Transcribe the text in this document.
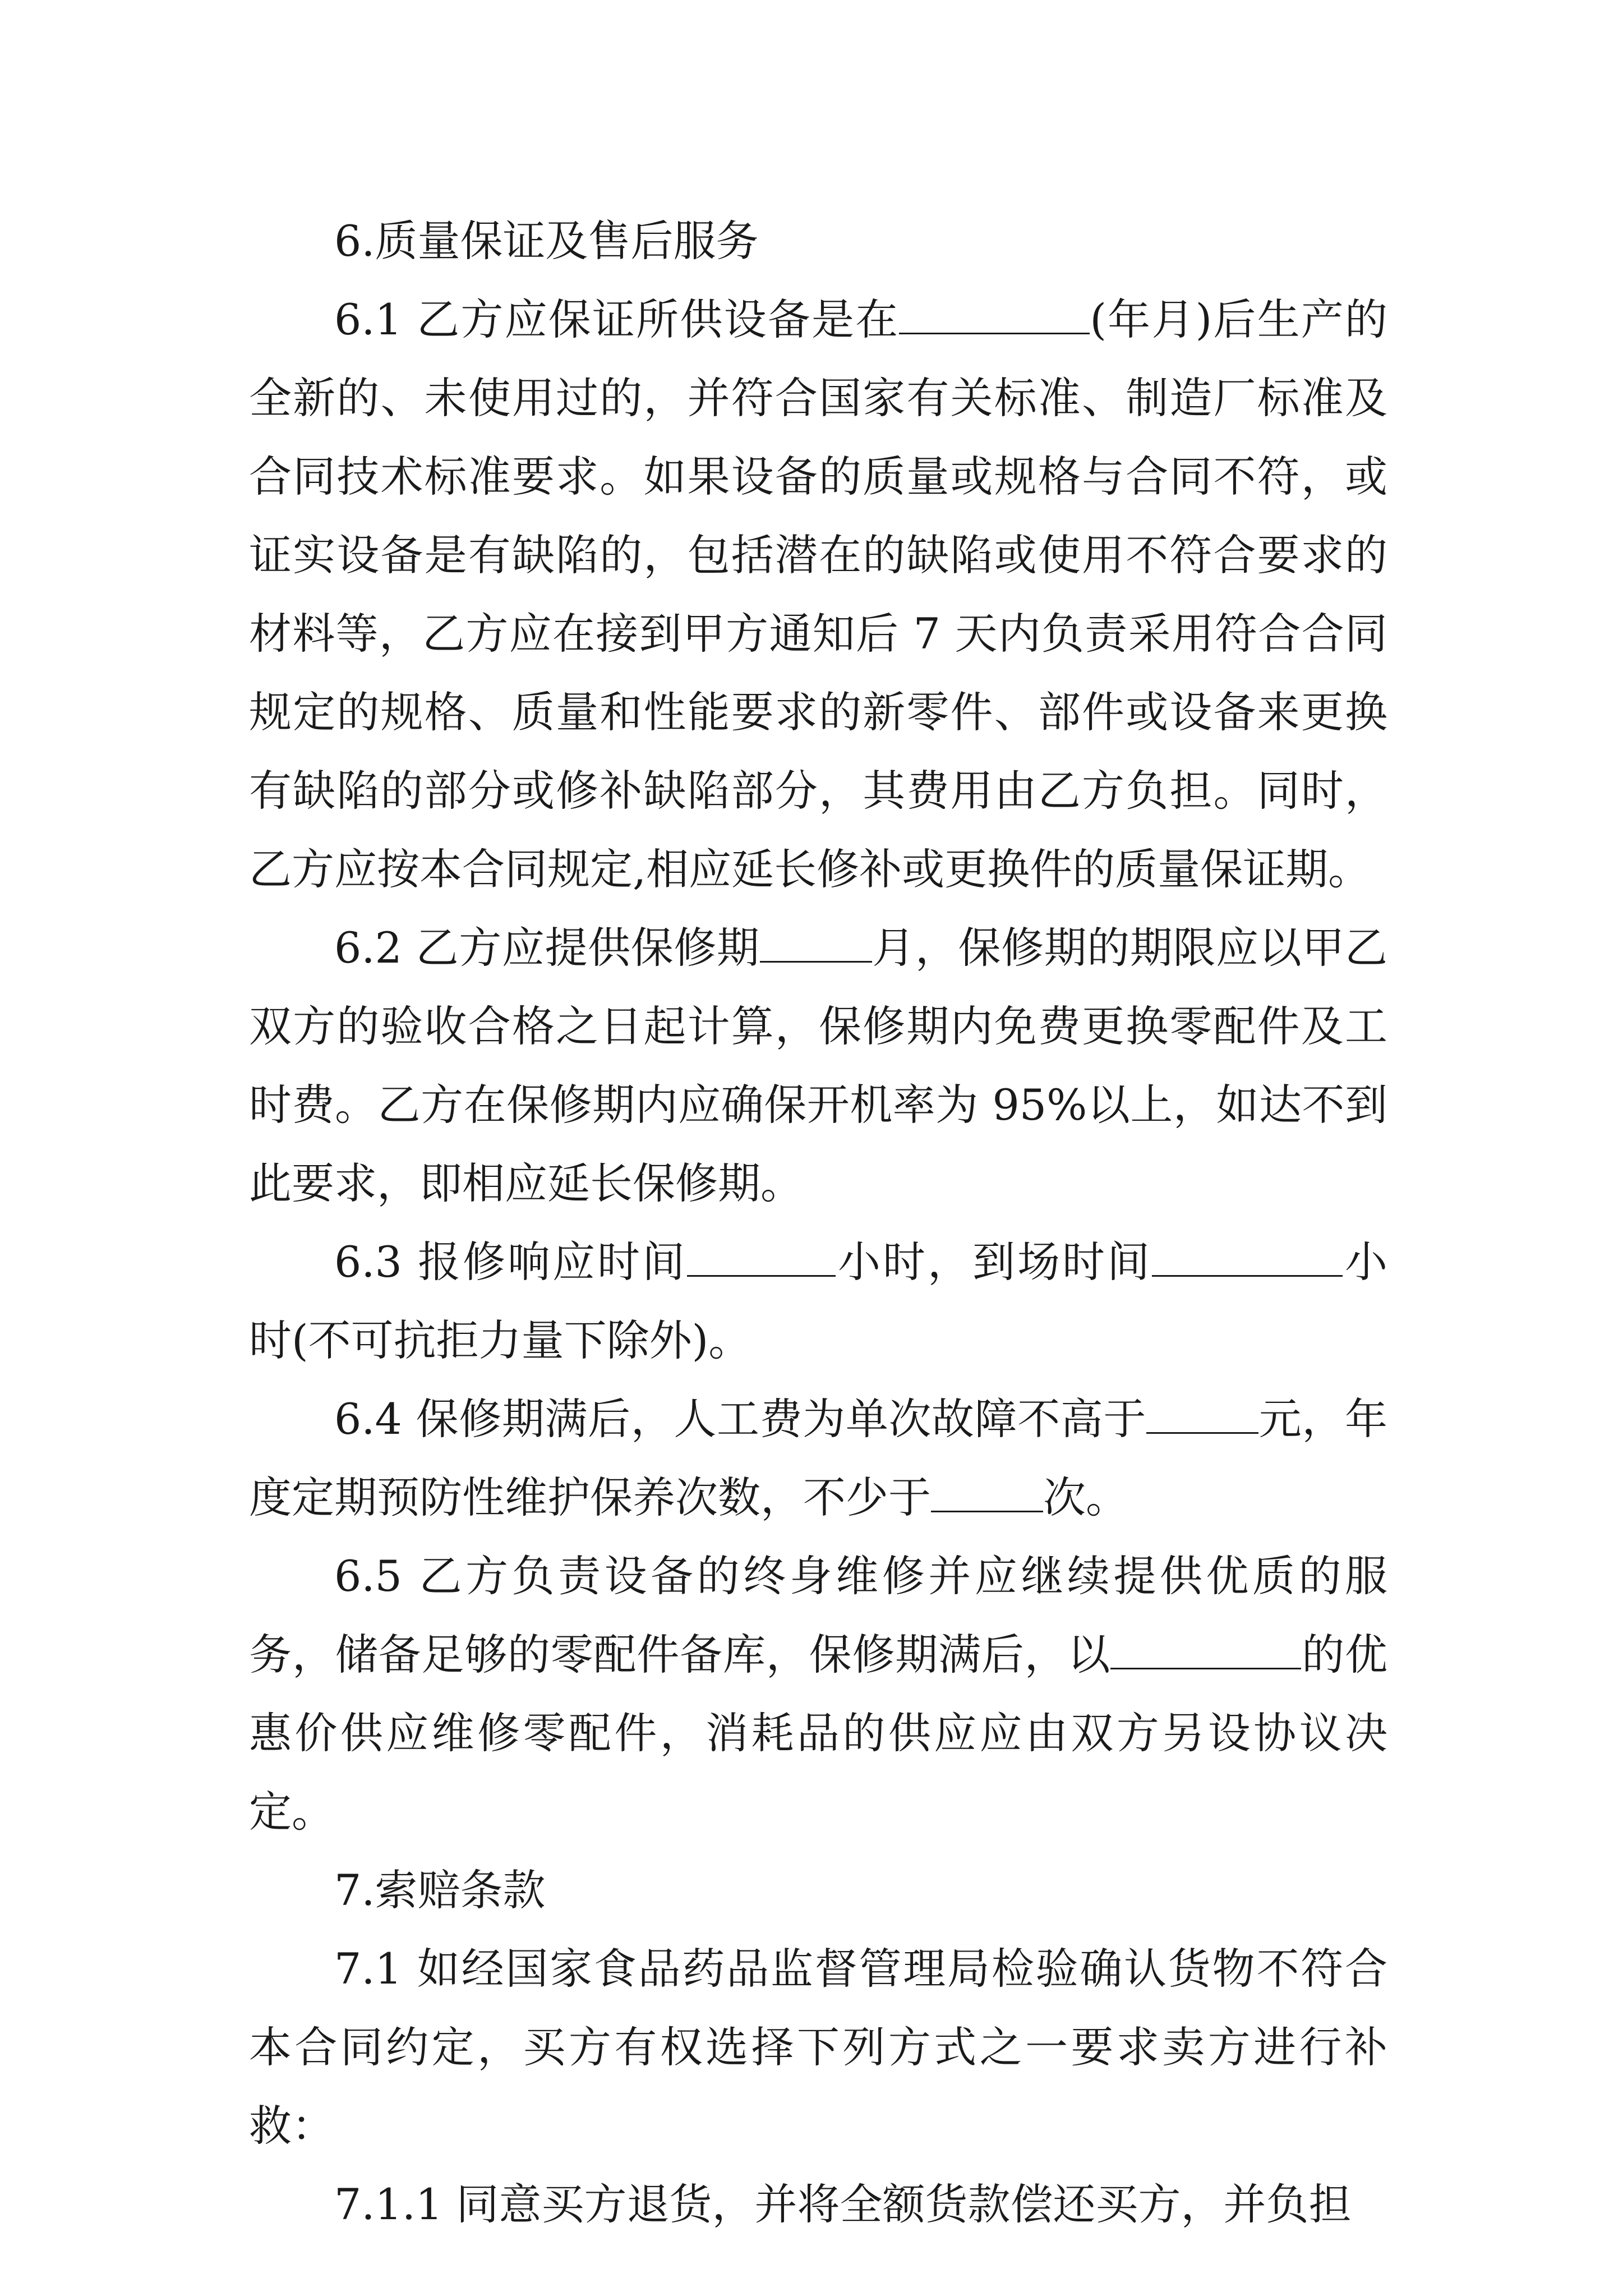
6.质量保证及售后服务

6.1 乙方应保证所供设备是在	(年月)后生产的全新的、未使用过的，并符合国家有关标准、制造厂标准及合同技术标准要求。如果设备的质量或规格与合同不符，或证实设备是有缺陷的，包括潜在的缺陷或使用不符合要求的材料等，乙方应在接到甲方通知后 7 天内负责采用符合合同规定的规格、质量和性能要求的新零件、部件或设备来更换有缺陷的部分或修补缺陷部分，其费用由乙方负担。同时，乙方应按本合同规定,相应延长修补或更换件的质量保证期。

6.2 乙方应提供保修期	月，保修期的期限应以甲乙双方的验收合格之日起计算，保修期内免费更换零配件及工时费。乙方在保修期内应确保开机率为 95%以上，如达不到此要求，即相应延长保修期。

6.3 报修响应时间	小时，到场时间	小时(不可抗拒力量下除外)。

6.4 保修期满后，人工费为单次故障不高于	元，年度定期预防性维护保养次数，不少于	次。

6.5 乙方负责设备的终身维修并应继续提供优质的服务，储备足够的零配件备库，保修期满后，以	的优惠价供应维修零配件，消耗品的供应应由双方另设协议决定。

7.索赔条款

7.1 如经国家食品药品监督管理局检验确认货物不符合本合同约定，买方有权选择下列方式之一要求卖方进行补救：

7.1.1 同意买方退货，并将全额货款偿还买方，并负担
